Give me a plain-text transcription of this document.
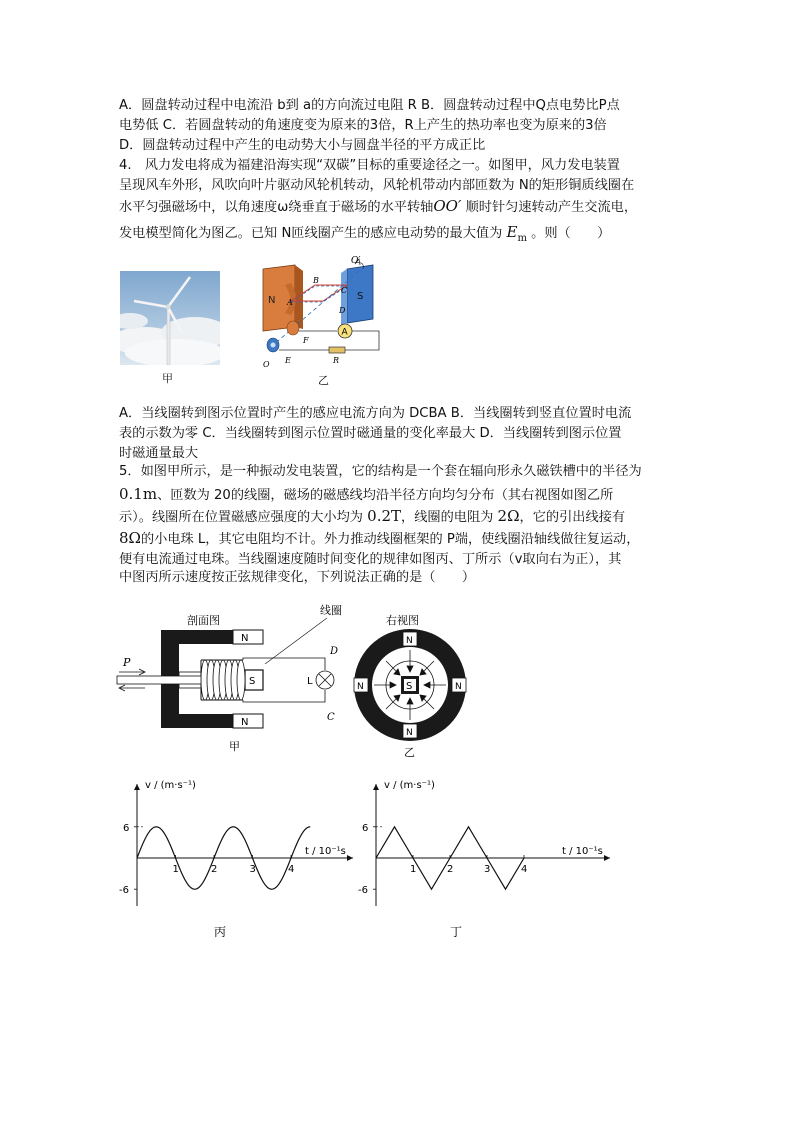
A．圆盘转动过程中电流沿 b到 a的方向流过电阻 R B．圆盘转动过程中Q点电势比P点
电势低 C．若圆盘转动的角速度变为原来的3倍，R上产生的热功率也变为原来的3倍
D．圆盘转动过程中产生的电动势大小与圆盘半径的平方成正比
4.　风力发电将成为福建沿海实现“双碳”目标的重要途径之一。如图甲，风力发电装置
呈现风车外形，风吹向叶片驱动风轮机转动，风轮机带动内部匝数为 N的矩形铜质线圈在
水平匀强磁场中，以角速度ω绕垂直于磁场的水平转轴OO′ 顺时针匀速转动产生交流电，
发电模型简化为图乙。已知 N匝线圈产生的感应电动势的最大值为 $E_m$ 。则（　　）
甲
N	S
O′
B
A
C
D
O E
F
A
R
乙
A．当线圈转到图示位置时产生的感应电流方向为 DCBA B．当线圈转到竖直位置时电流
表的示数为零 C．当线圈转到图示位置时磁通量的变化率最大 D．当线圈转到图示位置
时磁通量最大
5．如图甲所示，是一种振动发电装置，它的结构是一个套在辐向形永久磁铁槽中的半径为
0.1m、匝数为 20的线圈，磁场的磁感线均沿半径方向均匀分布（其右视图如图乙所
示）。线圈所在位置磁感应强度的大小均为 0.2T，线圈的电阻为 2Ω，它的引出线接有
8Ω的小电珠 L，其它电阻均不计。外力推动线圈框架的 P端，使线圈沿轴线做往复运动，
便有电流通过电珠。当线圈速度随时间变化的规律如图丙、丁所示（v取向右为正），其
中图丙所示速度按正弦规律变化，下列说法正确的是（　　）
剖面图
线圈
N
N
S
P
L
D
C
甲
右视图
S
N
N
N	N
乙
v / (m·s⁻¹)
t / 10⁻¹s
6
-6
1	2	3	4
丙
v / (m·s⁻¹)
t / 10⁻¹s
6
-6
1	2	3	4
丁
